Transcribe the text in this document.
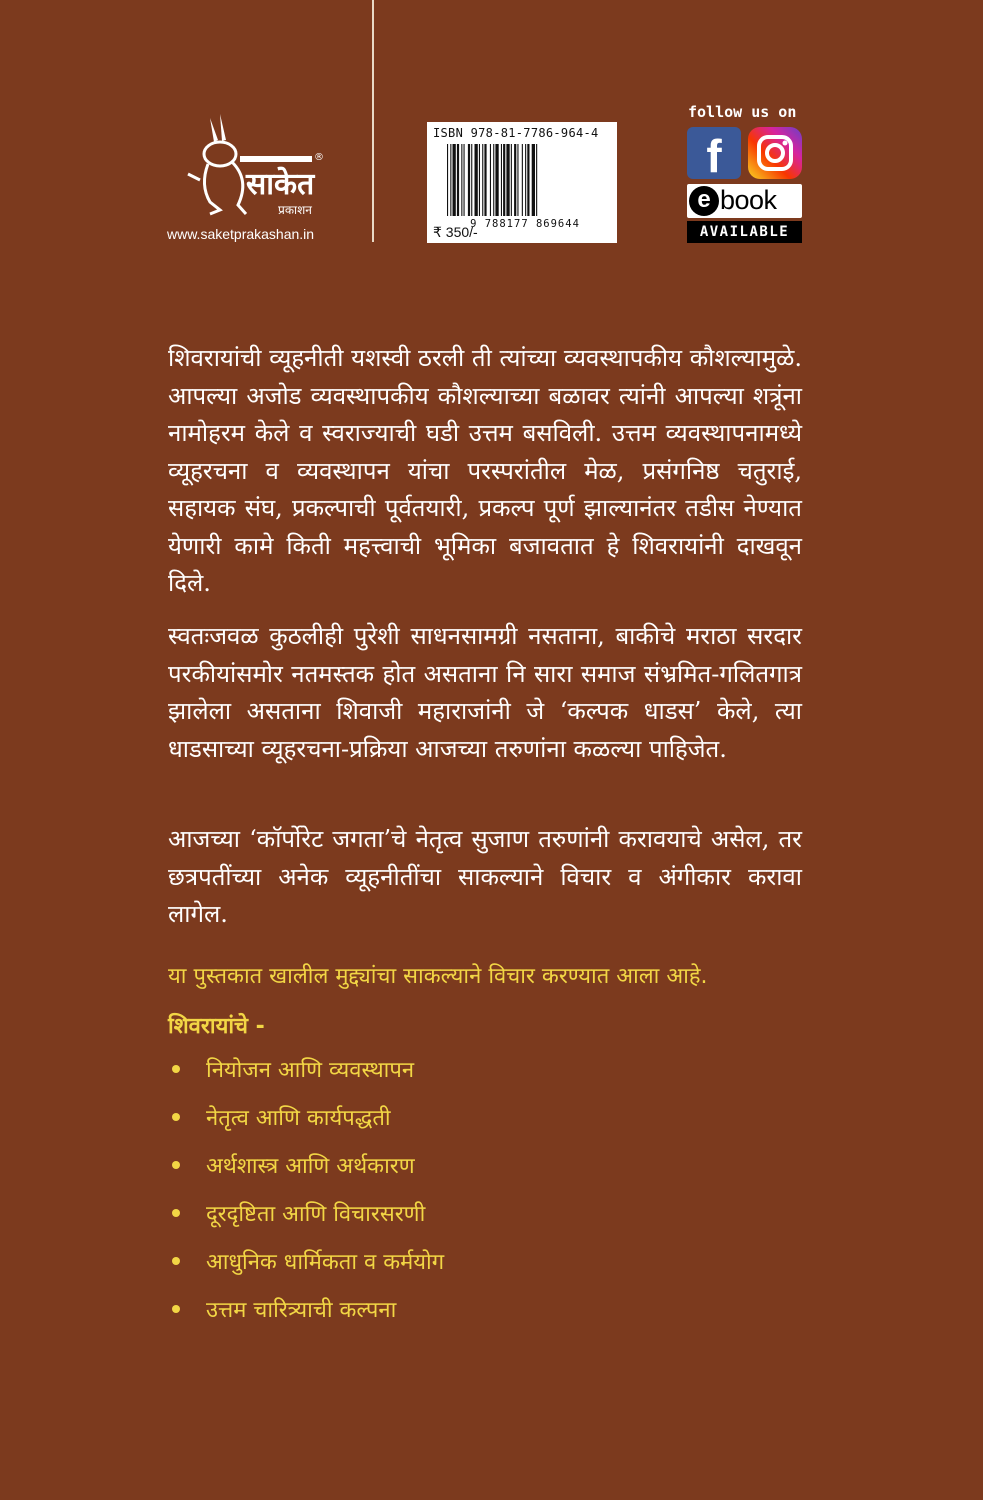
साकेत
प्रकाशन
®
www.saketprakashan.in
ISBN 978-81-7786-964-4
9 788177 869644
₹ 350/-
follow us on
f
e book
AVAILABLE
शिवरायांची व्यूहनीती यशस्वी ठरली ती त्यांच्या व्यवस्थापकीय कौशल्यामुळे. आपल्या अजोड व्यवस्थापकीय कौशल्याच्या बळावर त्यांनी आपल्या शत्रूंना नामोहरम केले व स्वराज्याची घडी उत्तम बसविली. उत्तम व्यवस्थापनामध्ये व्यूहरचना व व्यवस्थापन यांचा परस्परांतील मेळ, प्रसंगनिष्ठ चतुराई, सहायक संघ, प्रकल्पाची पूर्वतयारी, प्रकल्प पूर्ण झाल्यानंतर तडीस नेण्यात येणारी कामे किती महत्त्वाची भूमिका बजावतात हे शिवरायांनी दाखवून दिले.
स्वतःजवळ कुठलीही पुरेशी साधनसामग्री नसताना, बाकीचे मराठा सरदार परकीयांसमोर नतमस्तक होत असताना नि सारा समाज संभ्रमित-गलितगात्र झालेला असताना शिवाजी महाराजांनी जे ‘कल्पक धाडस’ केले, त्या धाडसाच्या व्यूहरचना-प्रक्रिया आजच्या तरुणांना कळल्या पाहिजेत.
आजच्या ‘कॉर्पोरेट जगता’चे नेतृत्व सुजाण तरुणांनी करावयाचे असेल, तर छत्रपतींच्या अनेक व्यूहनीतींचा साकल्याने विचार व अंगीकार करावा लागेल.
या पुस्तकात खालील मुद्द्यांचा साकल्याने विचार करण्यात आला आहे.
शिवरायांचे -
नियोजन आणि व्यवस्थापन
नेतृत्व आणि कार्यपद्धती
अर्थशास्त्र आणि अर्थकारण
दूरदृष्टिता आणि विचारसरणी
आधुनिक धार्मिकता व कर्मयोग
उत्तम चारित्र्याची कल्पना
